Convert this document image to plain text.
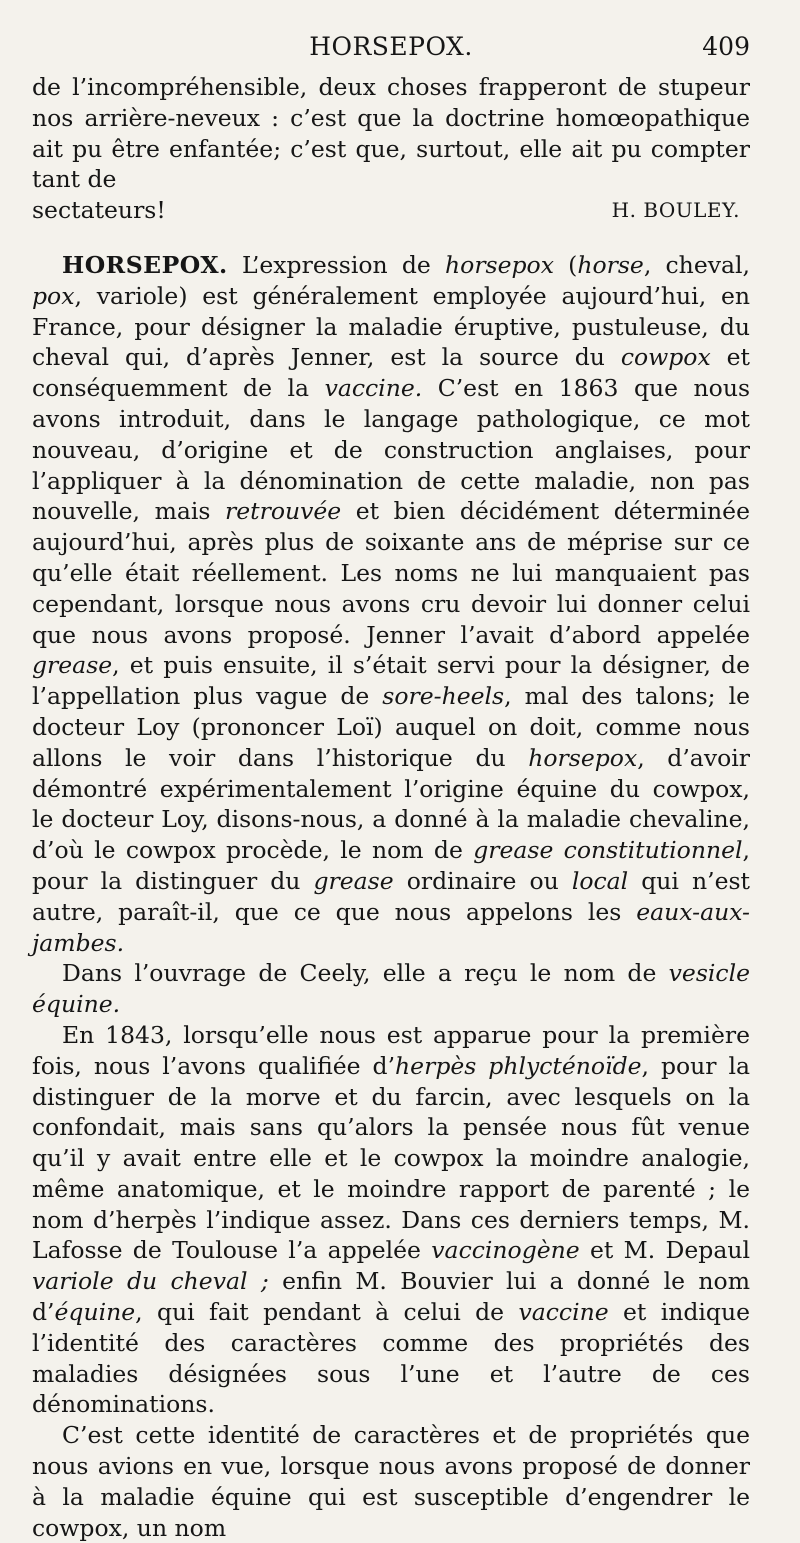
HORSEPOX.	409

de l’incompréhensible, deux choses frapperont de stupeur nos arrière-neveux : c’est que la doctrine homœopathique ait pu être enfantée; c’est que, surtout, elle ait pu compter tant de

sectateurs!	H. BOULEY.

HORSEPOX. L’expression de horsepox (horse, cheval, pox, variole) est généralement employée aujourd’hui, en France, pour désigner la maladie éruptive, pustuleuse, du cheval qui, d’après Jenner, est la source du cowpox et conséquemment de la vaccine. C’est en 1863 que nous avons introduit, dans le langage pathologique, ce mot nouveau, d’origine et de construction anglaises, pour l’appliquer à la dénomination de cette maladie, non pas nouvelle, mais retrouvée et bien décidément déterminée aujourd’hui, après plus de soixante ans de méprise sur ce qu’elle était réellement. Les noms ne lui manquaient pas cependant, lorsque nous avons cru devoir lui donner celui que nous avons proposé. Jenner l’avait d’abord appelée grease, et puis ensuite, il s’était servi pour la désigner, de l’appellation plus vague de sore-heels, mal des talons; le docteur Loy (prononcer Loï) auquel on doit, comme nous allons le voir dans l’historique du horsepox, d’avoir démontré expérimentalement l’origine équine du cowpox, le docteur Loy, disons-nous, a donné à la maladie chevaline, d’où le cowpox procède, le nom de grease constitutionnel, pour la distinguer du grease ordinaire ou local qui n’est autre, paraît-il, que ce que nous appelons les eaux-aux-jambes.

Dans l’ouvrage de Ceely, elle a reçu le nom de vesicle équine.

En 1843, lorsqu’elle nous est apparue pour la première fois, nous l’avons qualifiée d’herpès phlycténoïde, pour la distinguer de la morve et du farcin, avec lesquels on la confondait, mais sans qu’alors la pensée nous fût venue qu’il y avait entre elle et le cowpox la moindre analogie, même anatomique, et le moindre rapport de parenté ; le nom d’herpès l’indique assez. Dans ces derniers temps, M. Lafosse de Toulouse l’a appelée vaccinogène et M. Depaul variole du cheval ; enfin M. Bouvier lui a donné le nom d’équine, qui fait pendant à celui de vaccine et indique l’identité des caractères comme des propriétés des maladies désignées sous l’une et l’autre de ces dénominations.

C’est cette identité de caractères et de propriétés que nous avions en vue, lorsque nous avons proposé de donner à la maladie équine qui est susceptible d’engendrer le cowpox, un nom
